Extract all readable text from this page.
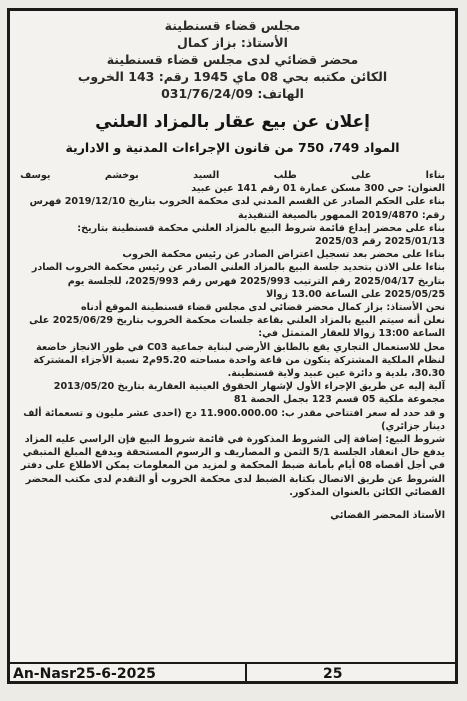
مجلس قضاء قسنطينة
الأستاذ: بزاز كمال
محضر قضائي لدى مجلس قضاء قسنطينة
الكائن مكتبه بحي 08 ماي 1945 رقم: 143 الخروب
الهاتف: 031/76/24/09
إعلان عن بيع عقار بالمزاد العلني
المواد 749، 750 من قانون الإجراءات المدنية و الادارية

بناءا
على
طلب
السيد
بوخشم
يوسف

العنوان: حي 300 مسكن عمارة 01 رقم 141 عين عبيد

بناء على الحكم الصادر عن القسم المدني لدى محكمة الخروب بتاريخ 2019/12/10 فهرس رقم: 2019/4870 الممهور بالصيغة التنفيذية

بناء على محضر إيداع قائمة شروط البيع بالمزاد العلني محكمة قسنطينة بتاريخ: 2025/01/13 رقم 2025/03

بناءا على محضر بعد تسجيل اعتراض الصادر عن رئيس محكمة الخروب

بناءا على الاذن بتحديد جلسة البيع بالمزاد العلني الصادر عن رئيس محكمة الخروب الصادر بتاريخ 2025/04/17 رقم الترتيب 2025/993 فهرس رقم 2025/993، للجلسة يوم 2025/05/25 على الساعة 13.00 زوالا

نحن الأستاذ: بزاز كمال محضر قضائي لدى مجلس قضاء قسنطينة الموقع أدناه

نعلن أنه سيتم البيع بالمزاد العلني بقاعة جلسات محكمة الخروب بتاريخ 2025/06/29 على الساعة 13:00 زوالا للعقار المتمثل في:

محل للاستعمال التجاري يقع بالطابق الأرضي لبناية جماعية C03 في طور الانجاز خاضعة لنظام الملكية المشتركة يتكون من قاعة واحدة مساحته 95.20م2 نسبة الأجزاء المشتركة 30.30، بلدية و دائرة عين عبيد ولاية قسنطينة.

آلية إليه عن طريق الإجراء الأول لإشهار الحقوق العينية العقارية بتاريخ 2013/05/20 مجموعة ملكية 05 قسم 123 بجمل الحصة 81

و قد حدد له سعر افتتاحي مقدر ب: 11.900.000.00 دج (احدى عشر مليون و تسعمائة ألف دينار جزائري)

شروط البيع: إضافة إلى الشروط المذكورة في قائمة شروط البيع فإن الراسي عليه المزاد يدفع حال انعقاد الجلسة 5/1 الثمن و المصاريف و الرسوم المستحقة ويدفع المبلغ المتبقي في أجل أقصاه 08 أيام بأمانة ضبط المحكمة و لمزيد من المعلومات يمكن الاطلاع على دفتر الشروط عن طريق الاتصال بكتابة الضبط لدى محكمة الخروب أو التقدم لدى مكتب المحضر القضائي الكائن بالعنوان المذكور.

الأستاذ المحضر القضائي
An-Nasr25-6-2025	25
